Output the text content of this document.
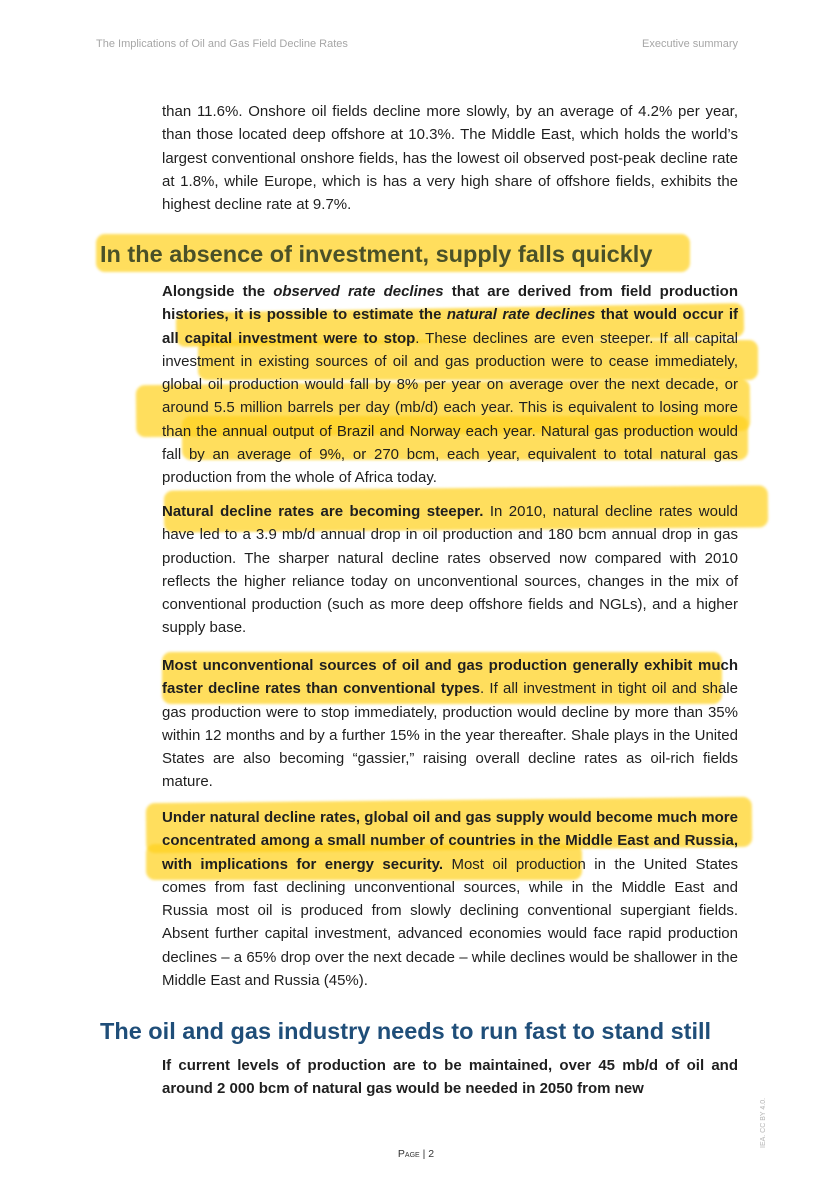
The Implications of Oil and Gas Field Decline Rates	Executive summary

than 11.6%. Onshore oil fields decline more slowly, by an average of 4.2% per year, than those located deep offshore at 10.3%. The Middle East, which holds the world’s largest conventional onshore fields, has the lowest oil observed post-peak decline rate at 1.8%, while Europe, which is has a very high share of offshore fields, exhibits the highest decline rate at 9.7%.

In the absence of investment, supply falls quickly

Alongside the observed rate declines that are derived from field production histories, it is possible to estimate the natural rate declines that would occur if all capital investment were to stop. These declines are even steeper. If all capital investment in existing sources of oil and gas production were to cease immediately, global oil production would fall by 8% per year on average over the next decade, or around 5.5 million barrels per day (mb/d) each year. This is equivalent to losing more than the annual output of Brazil and Norway each year. Natural gas production would fall by an average of 9%, or 270 bcm, each year, equivalent to total natural gas production from the whole of Africa today.

Natural decline rates are becoming steeper. In 2010, natural decline rates would have led to a 3.9 mb/d annual drop in oil production and 180 bcm annual drop in gas production. The sharper natural decline rates observed now compared with 2010 reflects the higher reliance today on unconventional sources, changes in the mix of conventional production (such as more deep offshore fields and NGLs), and a higher supply base.

Most unconventional sources of oil and gas production generally exhibit much faster decline rates than conventional types. If all investment in tight oil and shale gas production were to stop immediately, production would decline by more than 35% within 12 months and by a further 15% in the year thereafter. Shale plays in the United States are also becoming “gassier,” raising overall decline rates as oil-rich fields mature.

Under natural decline rates, global oil and gas supply would become much more concentrated among a small number of countries in the Middle East and Russia, with implications for energy security. Most oil production in the United States comes from fast declining unconventional sources, while in the Middle East and Russia most oil is produced from slowly declining conventional supergiant fields. Absent further capital investment, advanced economies would face rapid production declines – a 65% drop over the next decade – while declines would be shallower in the Middle East and Russia (45%).

The oil and gas industry needs to run fast to stand still

If current levels of production are to be maintained, over 45 mb/d of oil and around 2 000 bcm of natural gas would be needed in 2050 from new

Page | 2
IEA. CC BY 4.0.
